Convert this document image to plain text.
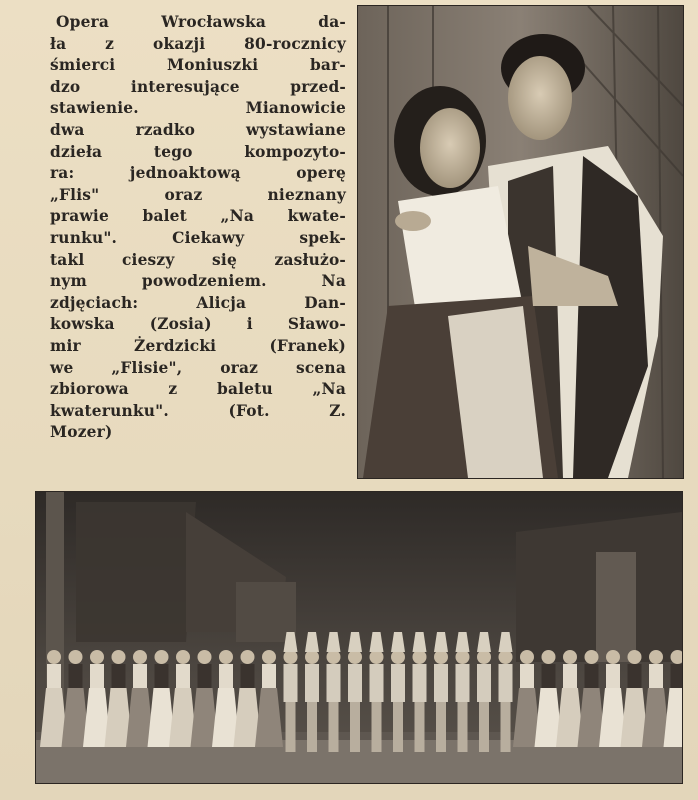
Opera Wrocławska da-
ła z okazji 80-rocznicy
śmierci Moniuszki bar-
dzo interesujące przed-
stawienie. Mianowicie
dwa rzadko wystawiane
dzieła tego kompozyto-
ra: jednoaktową operę
„Flis" oraz nieznany
prawie balet „Na kwate-
runku". Ciekawy spek-
takl cieszy się zasłużo-
nym powodzeniem. Na
zdjęciach: Alicja Dan-
kowska (Zosia) i Sławo-
mir Żerdzicki (Franek)
we „Flisie", oraz scena
zbiorowa z baletu „Na
kwaterunku". (Fot. Z.
Mozer)
